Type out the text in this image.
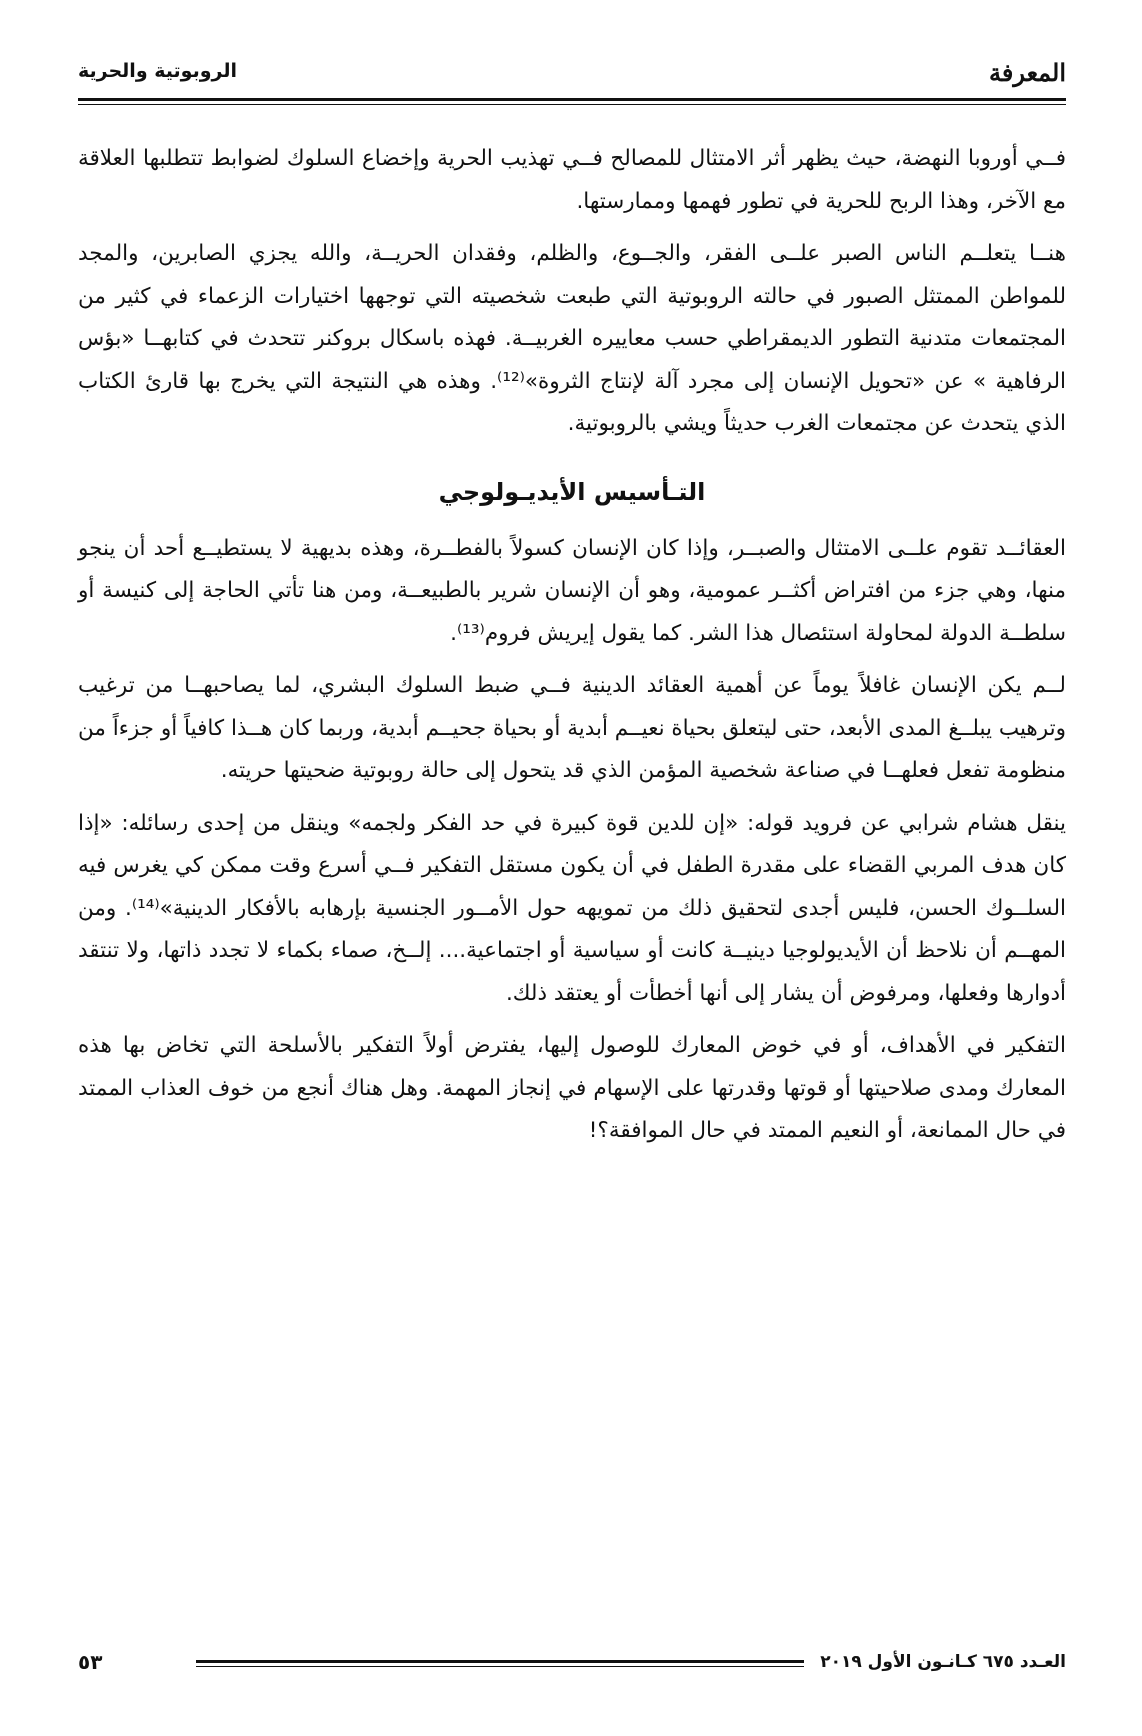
المعرفة
الروبوتية والحرية

فــي أوروبا النهضة، حيث يظهر أثر الامتثال للمصالح فــي تهذيب الحرية وإخضاع السلوك لضوابط تتطلبها العلاقة مع الآخر، وهذا الربح للحرية في تطور فهمها وممارستها.

هنــا يتعلــم الناس الصبر علــى الفقر، والجــوع، والظلم، وفقدان الحريــة، والله يجزي الصابرين، والمجد للمواطن الممتثل الصبور في حالته الروبوتية التي طبعت شخصيته التي توجهها اختيارات الزعماء في كثير من المجتمعات متدنية التطور الديمقراطي حسب معاييره الغربيــة. فهذه باسكال بروكنر تتحدث في كتابهــا «بؤس الرفاهية » عن «تحويل الإنسان إلى مجرد آلة لإنتاج الثروة»⁽¹²⁾. وهذه هي النتيجة التي يخرج بها قارئ الكتاب الذي يتحدث عن مجتمعات الغرب حديثاً ويشي بالروبوتية.

التـأسيس الأيديـولوجي

العقائــد تقوم علــى الامتثال والصبــر، وإذا كان الإنسان كسولاً بالفطــرة، وهذه بديهية لا يستطيــع أحد أن ينجو منها، وهي جزء من افتراض أكثــر عمومية، وهو أن الإنسان شرير بالطبيعــة، ومن هنا تأتي الحاجة إلى كنيسة أو سلطــة الدولة لمحاولة استئصال هذا الشر. كما يقول إيريش فروم⁽¹³⁾.

لــم يكن الإنسان غافلاً يوماً عن أهمية العقائد الدينية فــي ضبط السلوك البشري، لما يصاحبهــا من ترغيب وترهيب يبلــغ المدى الأبعد، حتى ليتعلق بحياة نعيــم أبدية أو بحياة جحيــم أبدية، وربما كان هــذا كافياً أو جزءاً من منظومة تفعل فعلهــا في صناعة شخصية المؤمن الذي قد يتحول إلى حالة روبوتية ضحيتها حريته.

ينقل هشام شرابي عن فرويد قوله: «إن للدين قوة كبيرة في حد الفكر ولجمه» وينقل من إحدى رسائله: «إذا كان هدف المربي القضاء على مقدرة الطفل في أن يكون مستقل التفكير فــي أسرع وقت ممكن كي يغرس فيه السلــوك الحسن، فليس أجدى لتحقيق ذلك من تمويهه حول الأمــور الجنسية بإرهابه بالأفكار الدينية»⁽¹⁴⁾. ومن المهــم أن نلاحظ أن الأيديولوجيا دينيــة كانت أو سياسية أو اجتماعية.... إلــخ، صماء بكماء لا تجدد ذاتها، ولا تنتقد أدوارها وفعلها، ومرفوض أن يشار إلى أنها أخطأت أو يعتقد ذلك.

التفكير في الأهداف، أو في خوض المعارك للوصول إليها، يفترض أولاً التفكير بالأسلحة التي تخاض بها هذه المعارك ومدى صلاحيتها أو قوتها وقدرتها على الإسهام في إنجاز المهمة. وهل هناك أنجع من خوف العذاب الممتد في حال الممانعة، أو النعيم الممتد في حال الموافقة؟!

العـدد ٦٧٥ كـانـون الأول ٢٠١٩
٥٣
